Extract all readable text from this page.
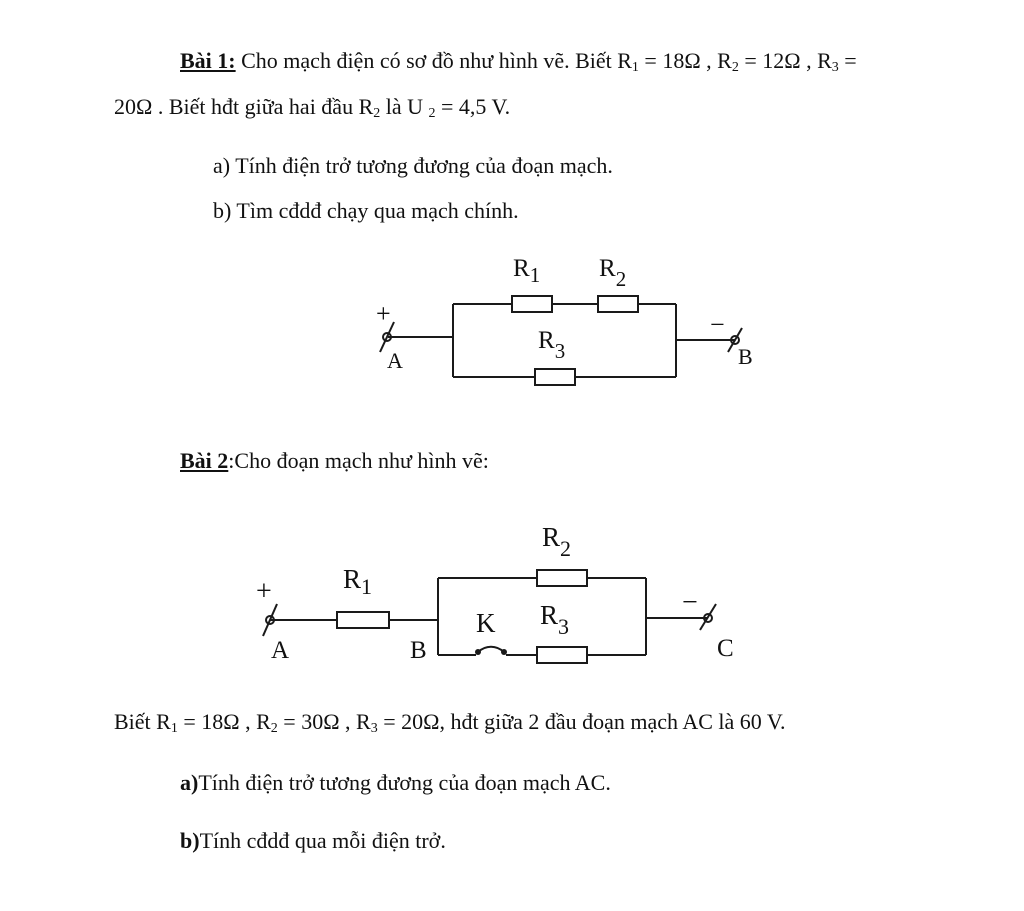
Bài 1: Cho mạch điện có sơ đồ như hình vẽ. Biết $R_1 = 18\Omega$ , $R_2 = 12\Omega$ , $R_3$ =
20Ω . Biết hđt giữa hai đầu $R_2$ là U $_2$ = 4,5 V.
a) Tính điện trở tương đương của đoạn mạch.
b) Tìm cđdđ chạy qua mạch chính.
Bài 2:Cho đoạn mạch như hình vẽ:
Biết $R_1 = 18\Omega$ , $R_2 = 30\Omega$ , $R_3 = 20\Omega$, hđt giữa 2 đầu đoạn mạch AC là 60 V.
a)Tính điện trở tương đương của đoạn mạch AC.
b)Tính cđdđ qua mỗi điện trở.
+	−
A	B
$R_1$ $R_2$
$R_3$
+	−
A	B	C
K
$R_1$
$R_2$
$R_3$
